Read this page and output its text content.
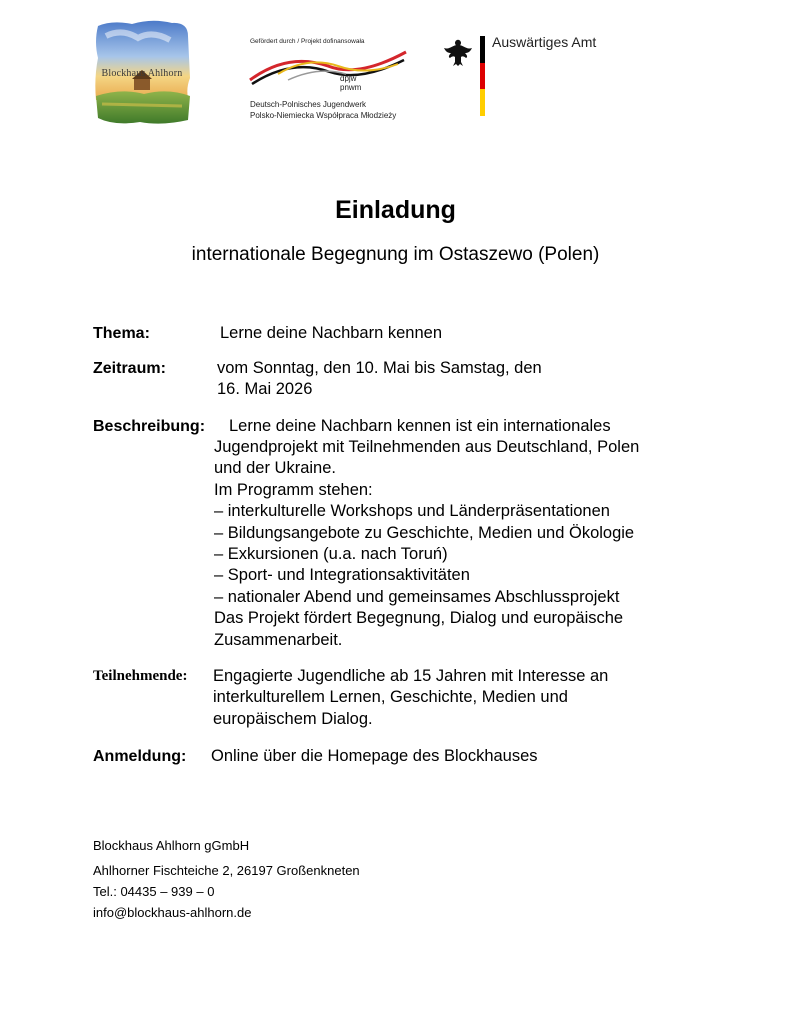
Blockhaus Ahlhorn
Gefördert durch / Projekt dofinansowała
dpjw
pnwm
Deutsch-Polnisches Jugendwerk
Polsko-Niemiecka Współpraca Młodzieży
Auswärtiges Amt
Einladung
internationale Begegnung im Ostaszewo (Polen)
Thema:	Lerne deine Nachbarn kennen
Zeitraum:	vom Sonntag, den 10. Mai bis Samstag, den
16. Mai 2026
Beschreibung: Lerne deine Nachbarn kennen ist ein internationales
Jugendprojekt mit Teilnehmenden aus Deutschland, Polen
und der Ukraine.
Im Programm stehen:
– interkulturelle Workshops und Länderpräsentationen
– Bildungsangebote zu Geschichte, Medien und Ökologie
– Exkursionen (u.a. nach Toruń)
– Sport- und Integrationsaktivitäten
– nationaler Abend und gemeinsames Abschlussprojekt
Das Projekt fördert Begegnung, Dialog und europäische
Zusammenarbeit.
Teilnehmende: Engagierte Jugendliche ab 15 Jahren mit Interesse an
interkulturellem Lernen, Geschichte, Medien und
europäischem Dialog.
Anmeldung: Online über die Homepage des Blockhauses
Blockhaus Ahlhorn gGmbH
Ahlhorner Fischteiche 2, 26197 Großenkneten
Tel.: 04435 – 939 – 0
info@blockhaus-ahlhorn.de
